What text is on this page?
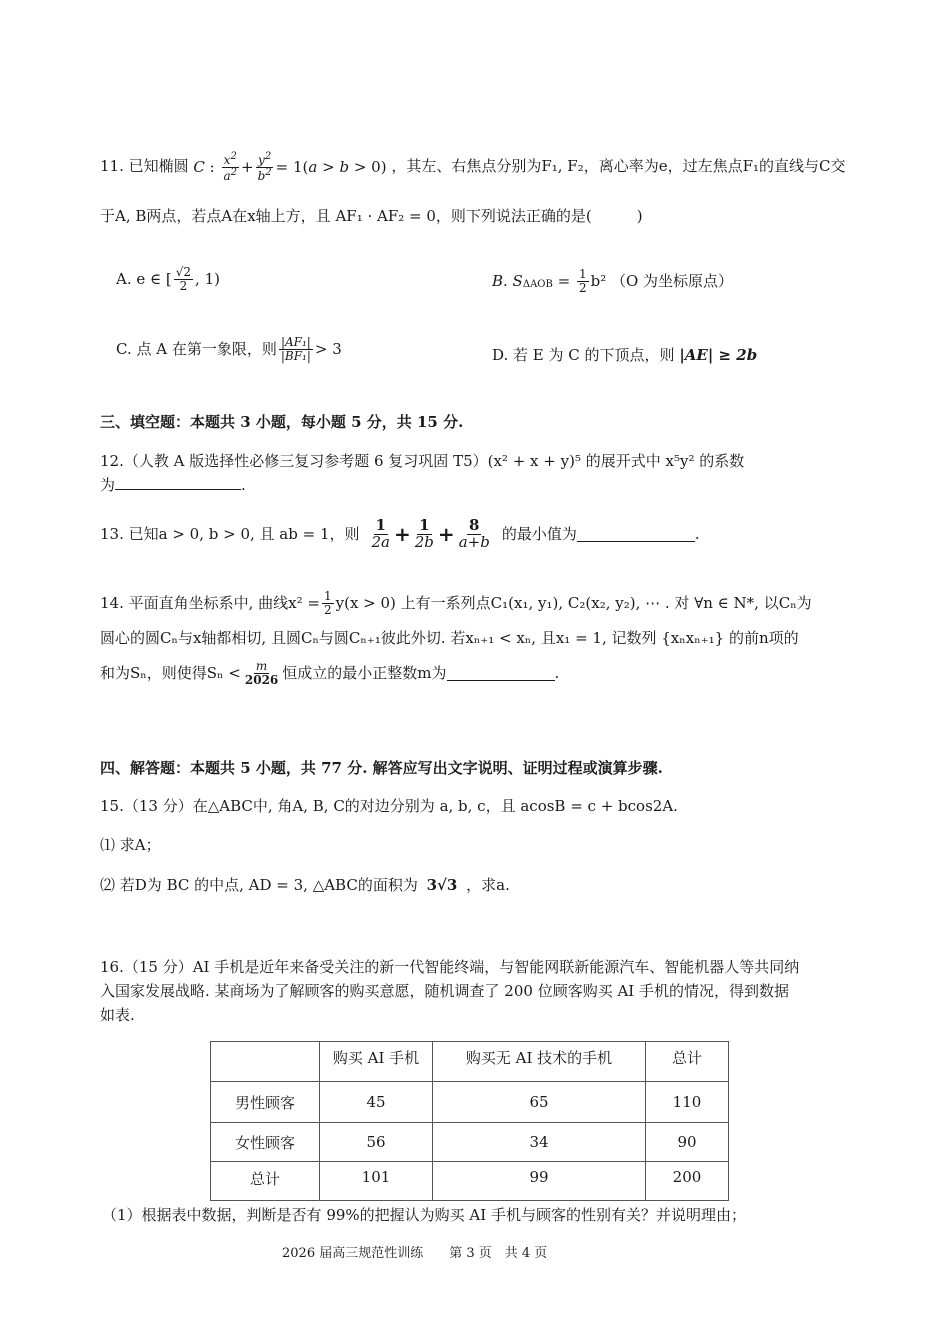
11. 已知椭圆 C : $\frac{x^2}{a^2} + \frac{y^2}{b^2} = 1(a > b > 0)$ ，其左、右焦点分别为F₁, F₂，离心率为e，过左焦点F₁的直线与C交
于A, B两点，若点A在x轴上方，且 AF₁ · AF₂ = 0，则下列说法正确的是(　　　)
A. e ∈ [ $\frac{√2}{2}$ , 1)	B. $S_{\Delta AOB} = \frac{1}{2} b^2$ （O 为坐标原点）
C. 点 A 在第一象限，则 $\frac{\text{|AF₁|}}{\text{|BF₁|}} > 3$	D. 若 E 为 C 的下顶点，则 |AE| ≥ 2b
三、填空题：本题共 3 小题，每小题 5 分，共 15 分.
12.（人教 A 版选择性必修三复习参考题 6 复习巩固 T5）(x² + x + y)⁵ 的展开式中 x⁵y² 的系数
为	.
13. 已知a > 0, b > 0, 且 ab = 1，则 $\frac{1}{2a} + \frac{1}{2b} + \frac{8}{a+b}$ 的最小值为	.
14. 平面直角坐标系中, 曲线$x^2 = \frac{1}{2} y(x > 0)$ 上有一系列点C₁(x₁, y₁), C₂(x₂, y₂), ⋯ . 对 ∀n ∈ N*, 以Cₙ为
圆心的圆Cₙ与x轴都相切, 且圆Cₙ与圆Cₙ₊₁彼此外切. 若xₙ₊₁ < xₙ, 且x₁ = 1, 记数列 {xₙxₙ₊₁} 的前n项的
和为Sₙ，则使得$S_n < \frac{m}{2026}$ 恒成立的最小正整数m为	.
四、解答题：本题共 5 小题，共 77 分. 解答应写出文字说明、证明过程或演算步骤.
15.（13 分）在△ABC中, 角A, B, C的对边分别为 a, b, c，且 acosB = c + bcos2A.
⑴ 求A；
⑵ 若D为 BC 的中点, AD = 3, △ABC的面积为 3√3 ，求a.
16.（15 分）AI 手机是近年来备受关注的新一代智能终端，与智能网联新能源汽车、智能机器人等共同纳
入国家发展战略. 某商场为了解顾客的购买意愿，随机调查了 200 位顾客购买 AI 手机的情况，得到数据
如表.
	购买 AI 手机	购买无 AI 技术的手机	总计
男性顾客	45	65	110
女性顾客	56	34	90
总计	101	99	200
（1）根据表中数据，判断是否有 99%的把握认为购买 AI 手机与顾客的性别有关？并说明理由；
2026 届高三规范性训练　　第 3 页　共 4 页
